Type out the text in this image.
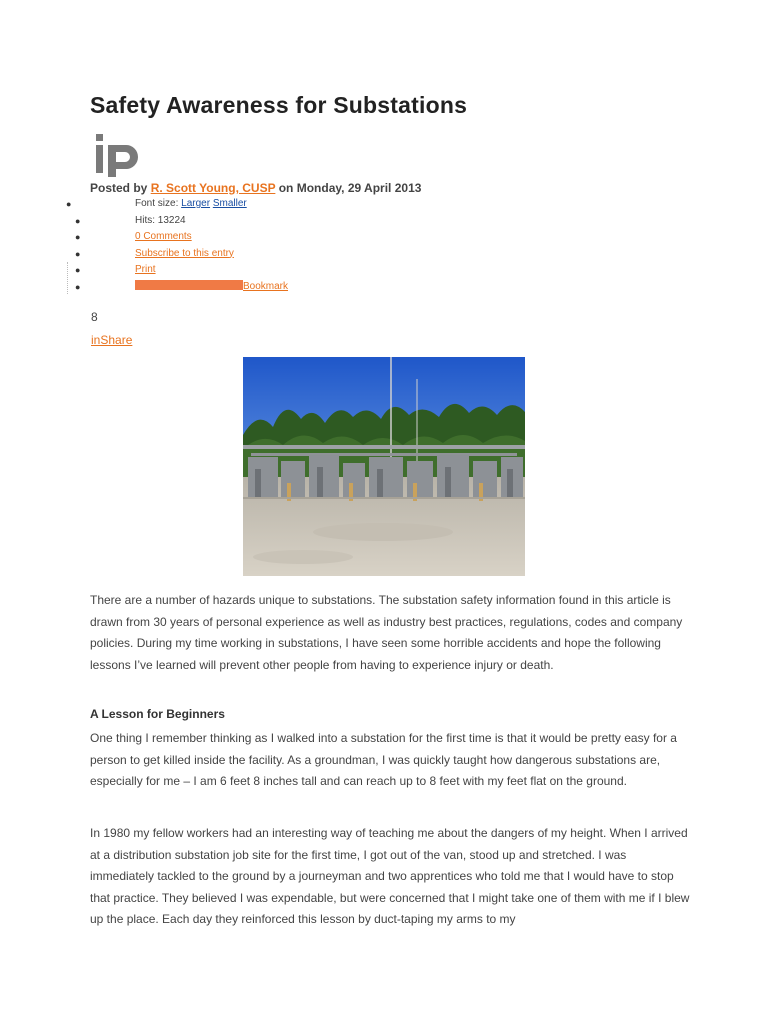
Safety Awareness for Substations
Posted by R. Scott Young, CUSP on Monday, 29 April 2013
●	Font size: Larger Smaller
●	Hits: 13224
●	0 Comments
●	Subscribe to this entry
●	Print
●	Bookmark
8
inShare

There are a number of hazards unique to substations. The substation safety information found in this article is drawn from 30 years of personal experience as well as industry best practices, regulations, codes and company policies. During my time working in substations, I have seen some horrible accidents and hope the following lessons I’ve learned will prevent other people from having to experience injury or death.

A Lesson for Beginners

One thing I remember thinking as I walked into a substation for the first time is that it would be pretty easy for a person to get killed inside the facility. As a groundman, I was quickly taught how dangerous substations are, especially for me – I am 6 feet 8 inches tall and can reach up to 8 feet with my feet flat on the ground.

In 1980 my fellow workers had an interesting way of teaching me about the dangers of my height. When I arrived at a distribution substation job site for the first time, I got out of the van, stood up and stretched. I was immediately tackled to the ground by a journeyman and two apprentices who told me that I would have to stop that practice. They believed I was expendable, but were concerned that I might take one of them with me if I blew up the place. Each day they reinforced this lesson by duct-taping my arms to my
